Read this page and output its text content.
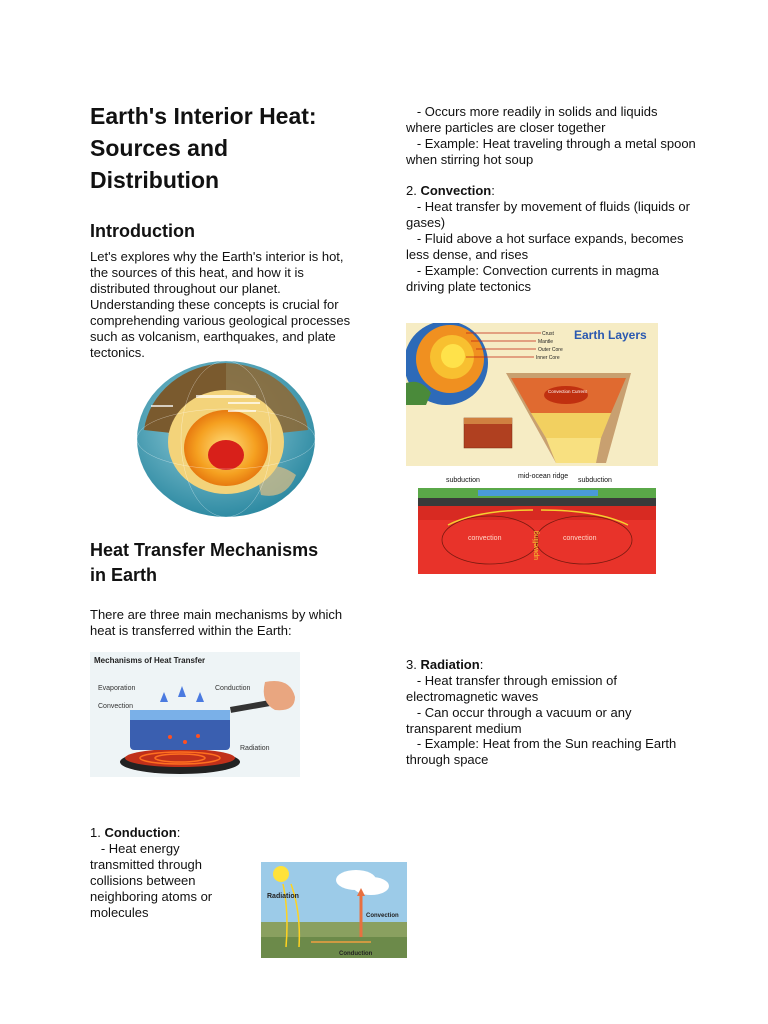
Earth's Interior Heat: Sources and Distribution
Introduction

Let's explores why the Earth's interior is hot, the sources of this heat, and how it is distributed throughout our planet. Understanding these concepts is crucial for comprehending various geological processes such as volcanism, earthquakes, and plate tectonics.

Heat Transfer Mechanisms in Earth

There are three main mechanisms by which heat is transferred within the Earth:

Mechanisms of Heat Transfer
Evaporation	Conduction
Convection
Radiation

1. Conduction:

- Heat energy transmitted through collisions between neighboring atoms or molecules

Radiation
Convection
Conduction

- Occurs more readily in solids and liquids where particles are closer together

- Example: Heat traveling through a metal spoon when stirring hot soup

2. Convection:

- Heat transfer by movement of fluids (liquids or gases)

- Fluid above a hot surface expands, becomes less dense, and rises

- Example: Convection currents in magma driving plate tectonics

Crust
Mantle
Outer Core
Inner Core
Earth Layers
Convection Current
subduction
mid-ocean ridge
subduction
convection	upwelling	convection

3. Radiation:

- Heat transfer through emission of electromagnetic waves

- Can occur through a vacuum or any transparent medium

- Example: Heat from the Sun reaching Earth through space
